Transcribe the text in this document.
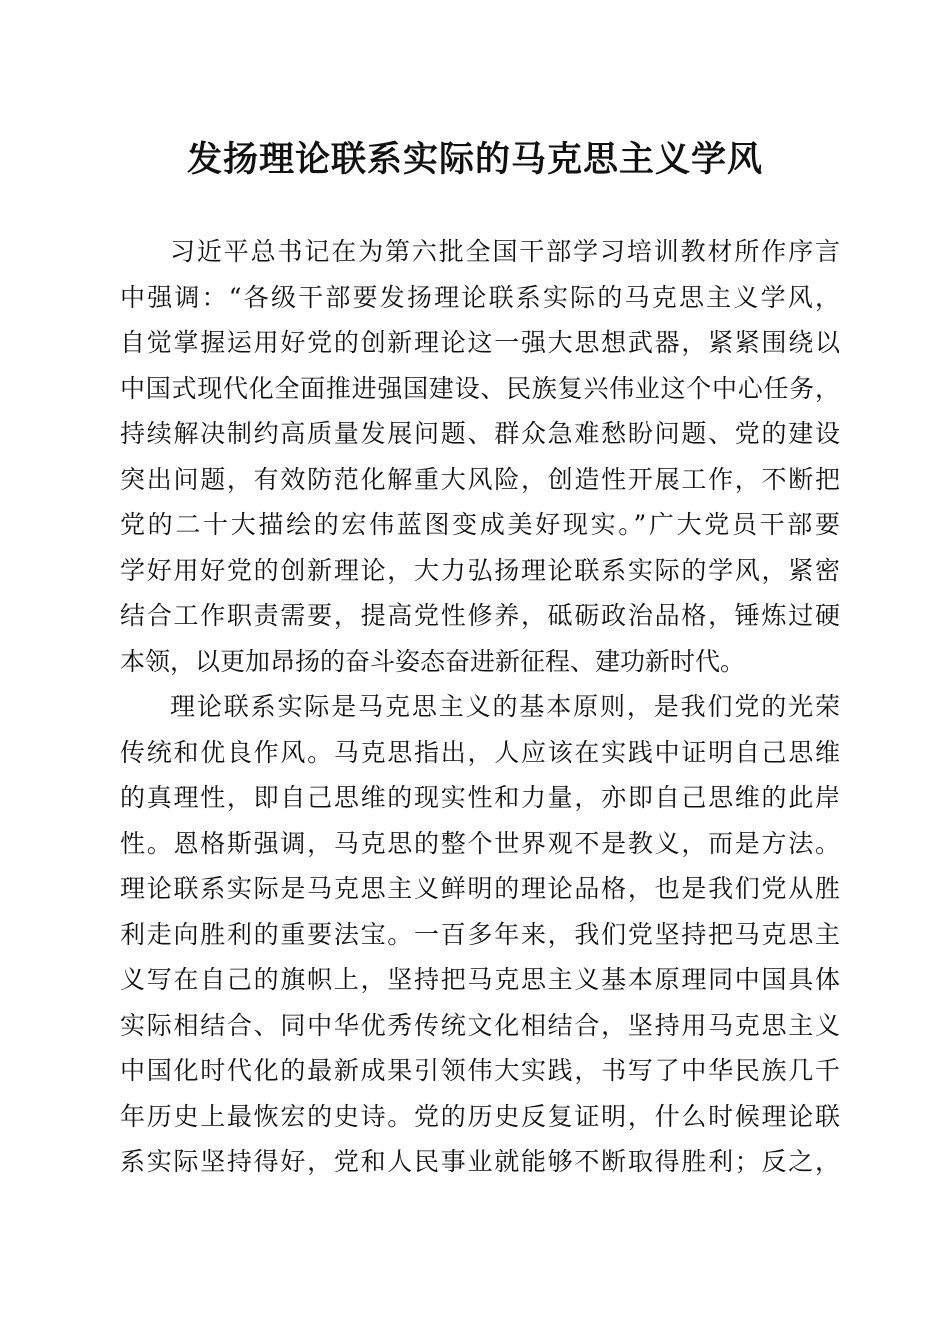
发扬理论联系实际的马克思主义学风
习近平总书记在为第六批全国干部学习培训教材所作序言
中强调：“各级干部要发扬理论联系实际的马克思主义学风，
自觉掌握运用好党的创新理论这一强大思想武器，紧紧围绕以
中国式现代化全面推进强国建设、民族复兴伟业这个中心任务，
持续解决制约高质量发展问题、群众急难愁盼问题、党的建设
突出问题，有效防范化解重大风险，创造性开展工作，不断把
党的二十大描绘的宏伟蓝图变成美好现实。”广大党员干部要
学好用好党的创新理论，大力弘扬理论联系实际的学风，紧密
结合工作职责需要，提高党性修养，砥砺政治品格，锤炼过硬
本领，以更加昂扬的奋斗姿态奋进新征程、建功新时代。
理论联系实际是马克思主义的基本原则，是我们党的光荣
传统和优良作风。马克思指出，人应该在实践中证明自己思维
的真理性，即自己思维的现实性和力量，亦即自己思维的此岸
性。恩格斯强调，马克思的整个世界观不是教义，而是方法。
理论联系实际是马克思主义鲜明的理论品格，也是我们党从胜
利走向胜利的重要法宝。一百多年来，我们党坚持把马克思主
义写在自己的旗帜上，坚持把马克思主义基本原理同中国具体
实际相结合、同中华优秀传统文化相结合，坚持用马克思主义
中国化时代化的最新成果引领伟大实践，书写了中华民族几千
年历史上最恢宏的史诗。党的历史反复证明，什么时候理论联
系实际坚持得好，党和人民事业就能够不断取得胜利；反之，
